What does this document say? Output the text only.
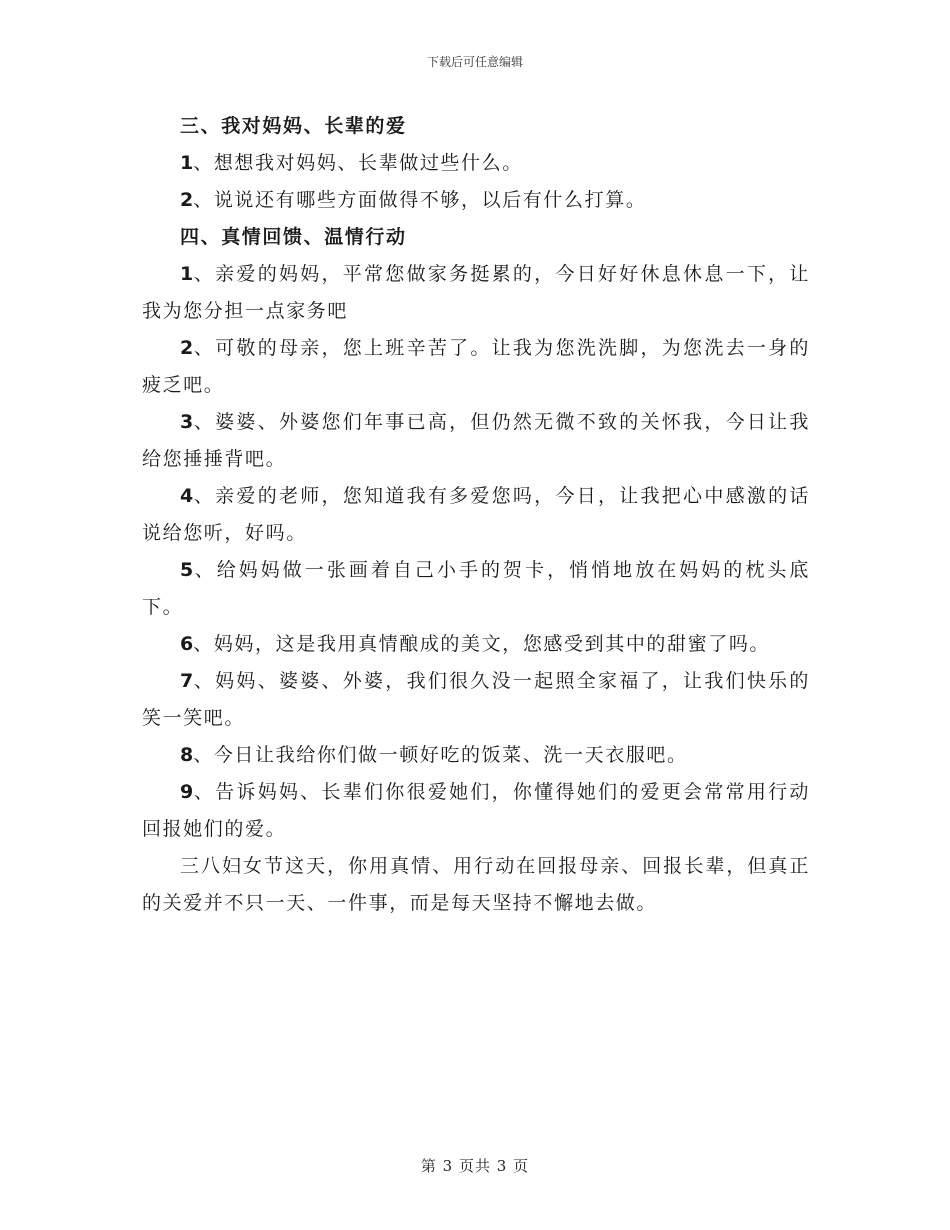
下载后可任意编辑

三、我对妈妈、长辈的爱

1、想想我对妈妈、长辈做过些什么。

2、说说还有哪些方面做得不够，以后有什么打算。

四、真情回馈、温情行动

1、亲爱的妈妈，平常您做家务挺累的，今日好好休息休息一下，让我为您分担一点家务吧

2、可敬的母亲，您上班辛苦了。让我为您洗洗脚，为您洗去一身的疲乏吧。

3、婆婆、外婆您们年事已高，但仍然无微不致的关怀我，今日让我给您捶捶背吧。

4、亲爱的老师，您知道我有多爱您吗，今日，让我把心中感激的话说给您听，好吗。

5、给妈妈做一张画着自己小手的贺卡，悄悄地放在妈妈的枕头底下。

6、妈妈，这是我用真情酿成的美文，您感受到其中的甜蜜了吗。

7、妈妈、婆婆、外婆，我们很久没一起照全家福了，让我们快乐的笑一笑吧。

8、今日让我给你们做一顿好吃的饭菜、洗一天衣服吧。

9、告诉妈妈、长辈们你很爱她们，你懂得她们的爱更会常常用行动回报她们的爱。

三八妇女节这天，你用真情、用行动在回报母亲、回报长辈，但真正的关爱并不只一天、一件事，而是每天坚持不懈地去做。

第 3 页共 3 页
